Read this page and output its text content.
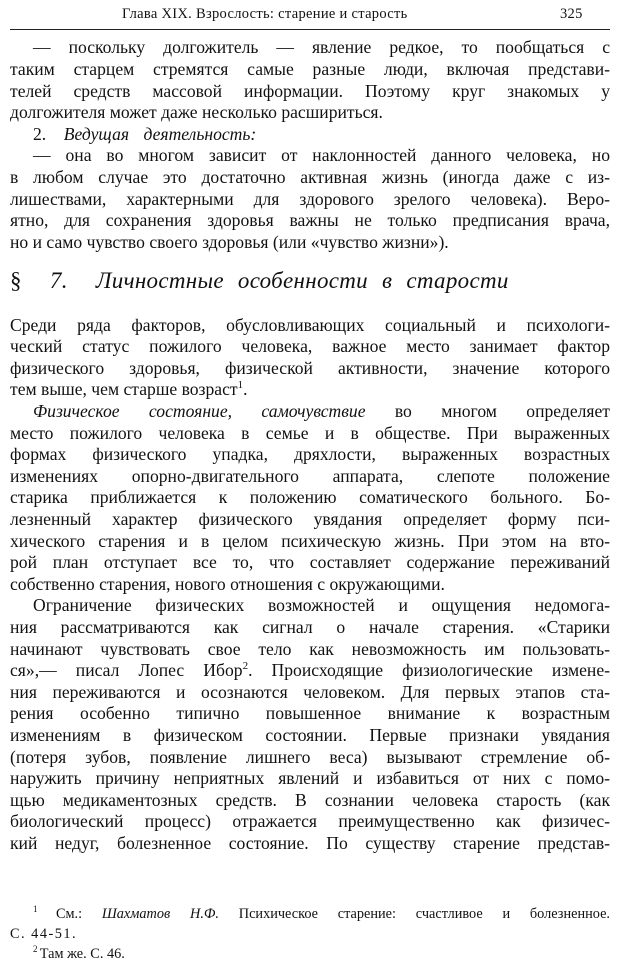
Глава XIX. Взрослость: старение и старость	325
— поскольку долгожитель — явление редкое, то пообщаться с
таким старцем стремятся самые разные люди, включая представи-
телей средств массовой информации. Поэтому круг знакомых у
долгожителя может даже несколько расшириться.
2. Ведущая деятельность:
— она во многом зависит от наклонностей данного человека, но
в любом случае это достаточно активная жизнь (иногда даже с из-
лишествами, характерными для здорового зрелого человека). Веро-
ятно, для сохранения здоровья важны не только предписания врача,
но и само чувство своего здоровья (или «чувство жизни»).
§ 7. Личностные особенности в старости
Среди ряда факторов, обусловливающих социальный и психологи-
ческий статус пожилого человека, важное место занимает фактор
физического здоровья, физической активности, значение которого
тем выше, чем старше возраст$^1$.
Физическое состояние, самочувствие во многом определяет
место пожилого человека в семье и в обществе. При выраженных
формах физического упадка, дряхлости, выраженных возрастных
изменениях опорно-двигательного аппарата, слепоте положение
старика приближается к положению соматического больного. Бо-
лезненный характер физического увядания определяет форму пси-
хического старения и в целом психическую жизнь. При этом на вто-
рой план отступает все то, что составляет содержание переживаний
собственно старения, нового отношения с окружающими.
Ограничение физических возможностей и ощущения недомога-
ния рассматриваются как сигнал о начале старения. «Старики
начинают чувствовать свое тело как невозможность им пользовать-
ся»,— писал Лопес Ибор$^2$. Происходящие физиологические измене-
ния переживаются и осознаются человеком. Для первых этапов ста-
рения особенно типично повышенное внимание к возрастным
изменениям в физическом состоянии. Первые признаки увядания
(потеря зубов, появление лишнего веса) вызывают стремление об-
наружить причину неприятных явлений и избавиться от них с помо-
щью медикаментозных средств. В сознании человека старость (как
биологический процесс) отражается преимущественно как физичес-
кий недуг, болезненное состояние. По существу старение представ-
$^1$ См.: Шахматов Н.Ф. Психическое старение: счастливое и болезненное.
С. 44-51.
$^2$ Там же. С. 46.
